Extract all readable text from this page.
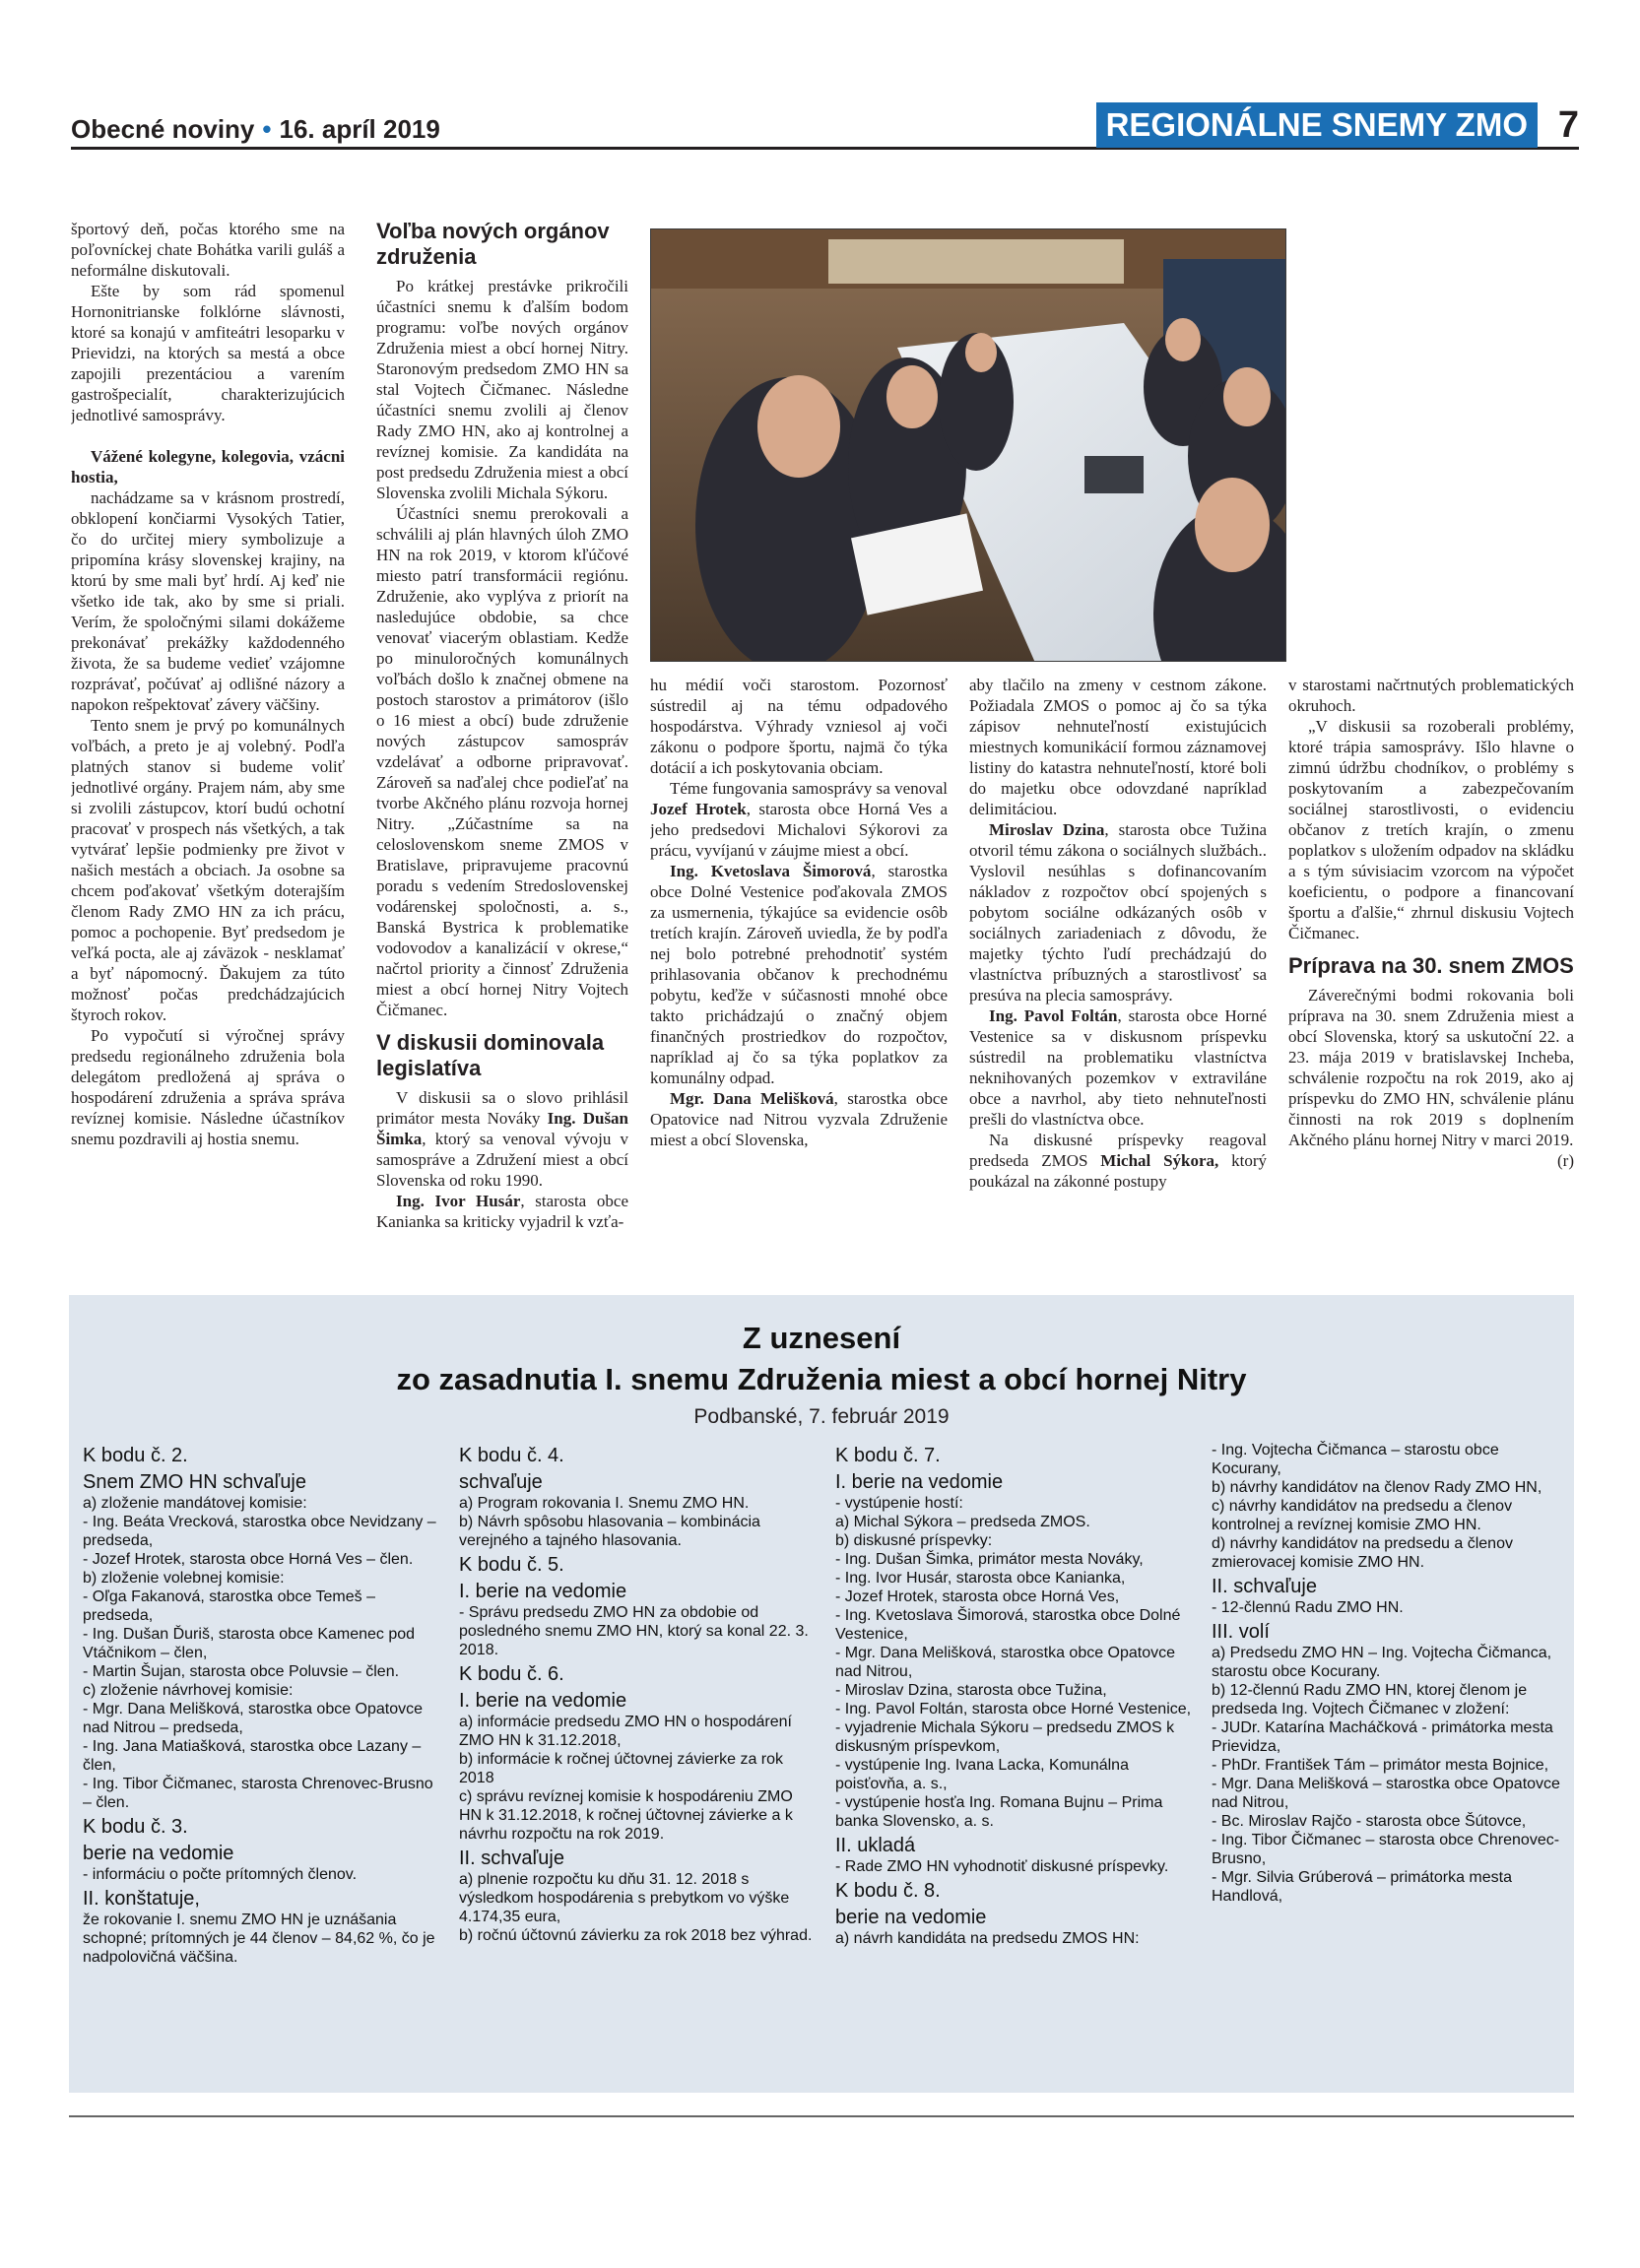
Obecné noviny • 16. apríl 2019	REGIONÁLNE SNEMY ZMO 7

športový deň, počas ktorého sme na poľovníckej chate Bohátka varili guláš a neformálne diskutovali.

Ešte by som rád spomenul Hornonitrianske folklórne slávnosti, ktoré sa konajú v amfiteátri lesoparku v Prievidzi, na ktorých sa mestá a obce zapojili prezentáciou a varením gastrošpecialít, charakterizujúcich jednotlivé samosprávy.

Vážené kolegyne, kolegovia, vzácni hostia,

nachádzame sa v krásnom prostredí, obklopení končiarmi Vysokých Tatier, čo do určitej miery symbolizuje a pripomína krásy slovenskej krajiny, na ktorú by sme mali byť hrdí. Aj keď nie všetko ide tak, ako by sme si priali. Verím, že spoločnými silami dokážeme prekonávať prekážky každodenného života, že sa budeme vedieť vzájomne rozprávať, počúvať aj odlišné názory a napokon rešpektovať závery väčšiny.

Tento snem je prvý po komunálnych voľbách, a preto je aj volebný. Podľa platných stanov si budeme voliť jednotlivé orgány. Prajem nám, aby sme si zvolili zástupcov, ktorí budú ochotní pracovať v prospech nás všetkých, a tak vytvárať lepšie podmienky pre život v našich mestách a obciach. Ja osobne sa chcem poďakovať všetkým doterajším členom Rady ZMO HN za ich prácu, pomoc a pochopenie. Byť predsedom je veľká pocta, ale aj záväzok - nesklamať a byť nápomocný. Ďakujem za túto možnosť počas predchádzajúcich štyroch rokov.

Po vypočutí si výročnej správy predsedu regionálneho združenia bola delegátom predložená aj správa o hospodárení združenia a správa správa revíznej komisie. Následne účastníkov snemu pozdravili aj hostia snemu.

Voľba nových orgánov združenia

Po krátkej prestávke prikročili účastníci snemu k ďalším bodom programu: voľbe nových orgánov Združenia miest a obcí hornej Nitry. Staronovým predsedom ZMO HN sa stal Vojtech Čičmanec. Následne účastníci snemu zvolili aj členov Rady ZMO HN, ako aj kontrolnej a revíznej komisie. Za kandidáta na post predsedu Združenia miest a obcí Slovenska zvolili Michala Sýkoru.

Účastníci snemu prerokovali a schválili aj plán hlavných úloh ZMO HN na rok 2019, v ktorom kľúčové miesto patrí transformácii regiónu. Združenie, ako vyplýva z priorít na nasledujúce obdobie, sa chce venovať viacerým oblastiam. Kedže po minuloročných komunálnych voľbách došlo k značnej obmene na postoch starostov a primátorov (išlo o 16 miest a obcí) bude združenie nových zástupcov samospráv vzdelávať a odborne pripravovať. Zároveň sa naďalej chce podieľať na tvorbe Akčného plánu rozvoja hornej Nitry. „Zúčastníme sa na celoslovenskom sneme ZMOS v Bratislave, pripravujeme pracovnú poradu s vedením Stredoslovenskej vodárenskej spoločnosti, a. s., Banská Bystrica k problematike vodovodov a kanalizácií v okrese,“ načrtol priority a činnosť Združenia miest a obcí hornej Nitry Vojtech Čičmanec.

V diskusii dominovala legislatíva

V diskusii sa o slovo prihlásil primátor mesta Nováky Ing. Dušan Šimka, ktorý sa venoval vývoju v samospráve a Združení miest a obcí Slovenska od roku 1990.

Ing. Ivor Husár, starosta obce Kanianka sa kriticky vyjadril k vzťa-

hu médií voči starostom. Pozornosť sústredil aj na tému odpadového hospodárstva. Výhrady vzniesol aj voči zákonu o podpore športu, najmä čo týka dotácií a ich poskytovania obciam.

Téme fungovania samosprávy sa venoval Jozef Hrotek, starosta obce Horná Ves a jeho predsedovi Michalovi Sýkorovi za prácu, vyvíjanú v záujme miest a obcí.

Ing. Kvetoslava Šimorová, starostka obce Dolné Vestenice poďakovala ZMOS za usmernenia, týkajúce sa evidencie osôb tretích krajín. Zároveň uviedla, že by podľa nej bolo potrebné prehodnotiť systém prihlasovania občanov k prechodnému pobytu, keďže v súčasnosti mnohé obce takto prichádzajú o značný objem finančných prostriedkov do rozpočtov, napríklad aj čo sa týka poplatkov za komunálny odpad.

Mgr. Dana Melišková, starostka obce Opatovice nad Nitrou vyzvala Združenie miest a obcí Slovenska,

aby tlačilo na zmeny v cestnom zákone. Požiadala ZMOS o pomoc aj čo sa týka zápisov nehnuteľností existujúcich miestnych komunikácií formou záznamovej listiny do katastra nehnuteľností, ktoré boli do majetku obce odovzdané napríklad delimitáciou.

Miroslav Dzina, starosta obce Tužina otvoril tému zákona o sociálnych službách.. Vyslovil nesúhlas s dofinancovaním nákladov z rozpočtov obcí spojených s pobytom sociálne odkázaných osôb v sociálnych zariadeniach z dôvodu, že majetky týchto ľudí prechádzajú do vlastníctva príbuzných a starostlivosť sa presúva na plecia samosprávy.

Ing. Pavol Foltán, starosta obce Horné Vestenice sa v diskusnom príspevku sústredil na problematiku vlastníctva neknihovaných pozemkov v extraviláne obce a navrhol, aby tieto nehnuteľnosti prešli do vlastníctva obce.

Na diskusné príspevky reagoval predseda ZMOS Michal Sýkora, ktorý poukázal na zákonné postupy

v starostami načrtnutých problematických okruhoch.

„V diskusii sa rozoberali problémy, ktoré trápia samosprávy. Išlo hlavne o zimnú údržbu chodníkov, o problémy s poskytovaním a zabezpečovaním sociálnej starostlivosti, o evidenciu občanov z tretích krajín, o zmenu poplatkov s uložením odpadov na skládku a s tým súvisiacim vzorcom na výpočet koeficientu, o podpore a financovaní športu a ďalšie,“ zhrnul diskusiu Vojtech Čičmanec.

Príprava na 30. snem ZMOS

Záverečnými bodmi rokovania boli príprava na 30. snem Združenia miest a obcí Slovenska, ktorý sa uskutoční 22. a 23. mája 2019 v bratislavskej Incheba, schválenie rozpočtu na rok 2019, ako aj príspevku do ZMO HN, schválenie plánu činnosti na rok 2019 s doplnením Akčného plánu hornej Nitry v marci 2019.

(r)

Z uznesení
zo zasadnutia I. snemu Združenia miest a obcí hornej Nitry
Podbanské, 7. február 2019
K bodu č. 2.
Snem ZMO HN schvaľuje
a) zloženie mandátovej komisie:
- Ing. Beáta Vrecková, starostka obce Nevidzany – predseda,
- Jozef Hrotek, starosta obce Horná Ves – člen.
b) zloženie volebnej komisie:
- Oľga Fakanová, starostka obce Temeš – predseda,
- Ing. Dušan Ďuriš, starosta obce Kamenec pod Vtáčnikom – člen,
- Martin Šujan, starosta obce Poluvsie – člen.
c) zloženie návrhovej komisie:
- Mgr. Dana Melišková, starostka obce Opatovce nad Nitrou – predseda,
- Ing. Jana Matiašková, starostka obce Lazany – člen,
- Ing. Tibor Čičmanec, starosta Chrenovec-Brusno – člen.
K bodu č. 3.
berie na vedomie
- informáciu o počte prítomných členov.
II. konštatuje,
že rokovanie I. snemu ZMO HN je uznášania schopné; prítomných je 44 členov – 84,62 %, čo je nadpolovičná väčšina.
K bodu č. 4.
schvaľuje
a) Program rokovania I. Snemu ZMO HN.
b) Návrh spôsobu hlasovania – kombinácia verejného a tajného hlasovania.
K bodu č. 5.
I. berie na vedomie
- Správu predsedu ZMO HN za obdobie od posledného snemu ZMO HN, ktorý sa konal 22. 3. 2018.
K bodu č. 6.
I. berie na vedomie
a) informácie predsedu ZMO HN o hospodárení ZMO HN k 31.12.2018,
b) informácie k ročnej účtovnej závierke za rok 2018
c) správu revíznej komisie k hospodáreniu ZMO HN k 31.12.2018, k ročnej účtovnej závierke a k návrhu rozpočtu na rok 2019.
II. schvaľuje
a) plnenie rozpočtu ku dňu 31. 12. 2018 s výsledkom hospodárenia s prebytkom vo výške 4.174,35 eura,
b) ročnú účtovnú závierku za rok 2018 bez výhrad.
K bodu č. 7.
I. berie na vedomie
- vystúpenie hostí:
a) Michal Sýkora – predseda ZMOS.
b) diskusné príspevky:
- Ing. Dušan Šimka, primátor mesta Nováky,
- Ing. Ivor Husár, starosta obce Kanianka,
- Jozef Hrotek, starosta obce Horná Ves,
- Ing. Kvetoslava Šimorová, starostka obce Dolné Vestenice,
- Mgr. Dana Melišková, starostka obce Opatovce nad Nitrou,
- Miroslav Dzina, starosta obce Tužina,
- Ing. Pavol Foltán, starosta obce Horné Vestenice,
- vyjadrenie Michala Sýkoru – predsedu ZMOS k diskusným príspevkom,
- vystúpenie Ing. Ivana Lacka, Komunálna poisťovňa, a. s.,
- vystúpenie hosťa Ing. Romana Bujnu – Prima banka Slovensko, a. s.
II. ukladá
- Rade ZMO HN vyhodnotiť diskusné príspevky.
K bodu č. 8.
berie na vedomie
a) návrh kandidáta na predsedu ZMOS HN:
- Ing. Vojtecha Čičmanca – starostu obce Kocurany,
b) návrhy kandidátov na členov Rady ZMO HN,
c) návrhy kandidátov na predsedu a členov kontrolnej a revíznej komisie ZMO HN.
d) návrhy kandidátov na predsedu a členov zmierovacej komisie ZMO HN.
II. schvaľuje
- 12-člennú Radu ZMO HN.
III. volí
a) Predsedu ZMO HN – Ing. Vojtecha Čičmanca, starostu obce Kocurany.
b) 12-člennú Radu ZMO HN, ktorej členom je predseda Ing. Vojtech Čičmanec v zložení:
- JUDr. Katarína Macháčková - primátorka mesta Prievidza,
- PhDr. František Tám – primátor mesta Bojnice,
- Mgr. Dana Melišková – starostka obce Opatovce nad Nitrou,
- Bc. Miroslav Rajčo - starosta obce Šútovce,
- Ing. Tibor Čičmanec – starosta obce Chrenovec-Brusno,
- Mgr. Silvia Grúberová – primátorka mesta Handlová,
